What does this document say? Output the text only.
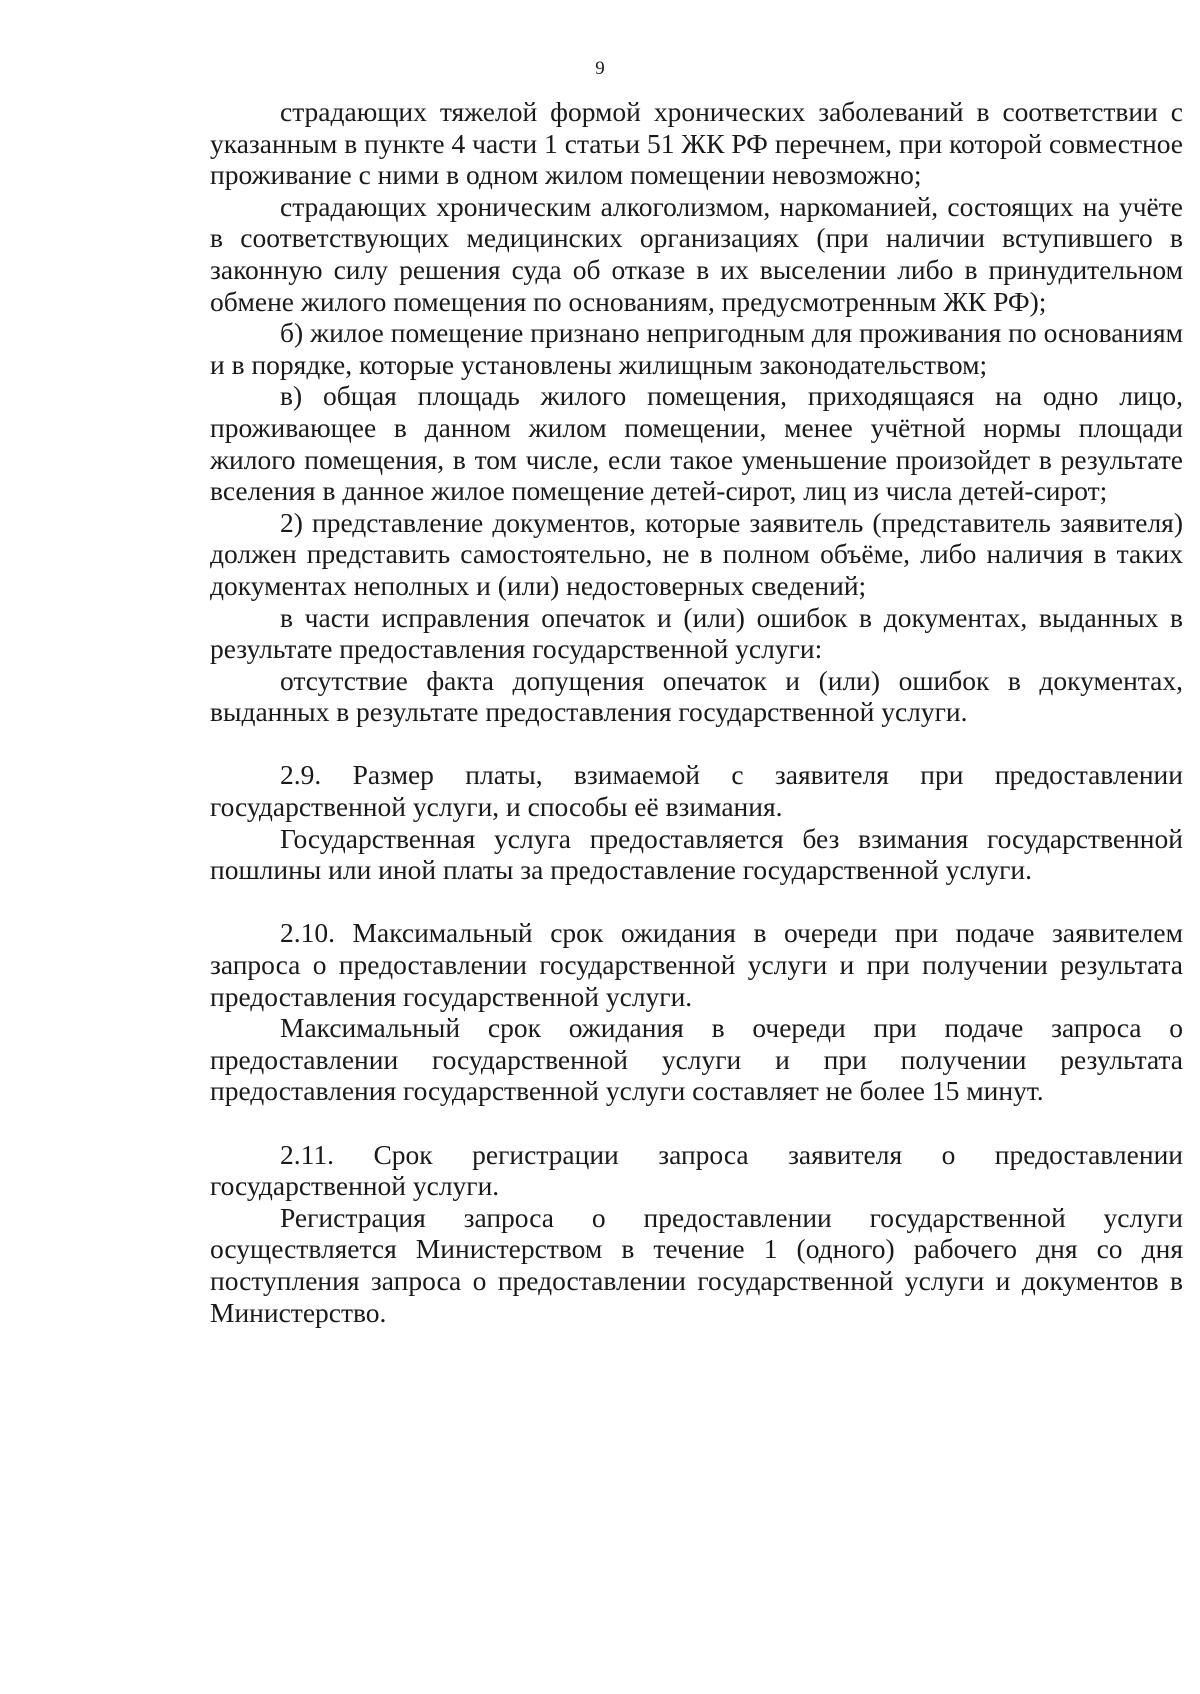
9

страдающих тяжелой формой хронических заболеваний в соответствии с указанным в пункте 4 части 1 статьи 51 ЖК РФ перечнем, при которой совместное проживание с ними в одном жилом помещении невозможно;

страдающих хроническим алкоголизмом, наркоманией, состоящих на учёте в соответствующих медицинских организациях (при наличии вступившего в законную силу решения суда об отказе в их выселении либо в принудительном обмене жилого помещения по основаниям, предусмотренным ЖК РФ);

б) жилое помещение признано непригодным для проживания по основаниям и в порядке, которые установлены жилищным законодательством;

в) общая площадь жилого помещения, приходящаяся на одно лицо, проживающее в данном жилом помещении, менее учётной нормы площади жилого помещения, в том числе, если такое уменьшение произойдет в результате вселения в данное жилое помещение детей-сирот, лиц из числа детей-сирот;

2) представление документов, которые заявитель (представитель заявителя) должен представить самостоятельно, не в полном объёме, либо наличия в таких документах неполных и (или) недостоверных сведений;

в части исправления опечаток и (или) ошибок в документах, выданных в результате предоставления государственной услуги:

отсутствие факта допущения опечаток и (или) ошибок в документах, выданных в результате предоставления государственной услуги.

2.9. Размер платы, взимаемой с заявителя при предоставлении государственной услуги, и способы её взимания.

Государственная услуга предоставляется без взимания государственной пошлины или иной платы за предоставление государственной услуги.

2.10. Максимальный срок ожидания в очереди при подаче заявителем запроса о предоставлении государственной услуги и при получении результата предоставления государственной услуги.

Максимальный срок ожидания в очереди при подаче запроса о предоставлении государственной услуги и при получении результата предоставления государственной услуги составляет не более 15 минут.

2.11. Срок регистрации запроса заявителя о предоставлении государственной услуги.

Регистрация запроса о предоставлении государственной услуги осуществляется Министерством в течение 1 (одного) рабочего дня со дня поступления запроса о предоставлении государственной услуги и документов в Министерство.
